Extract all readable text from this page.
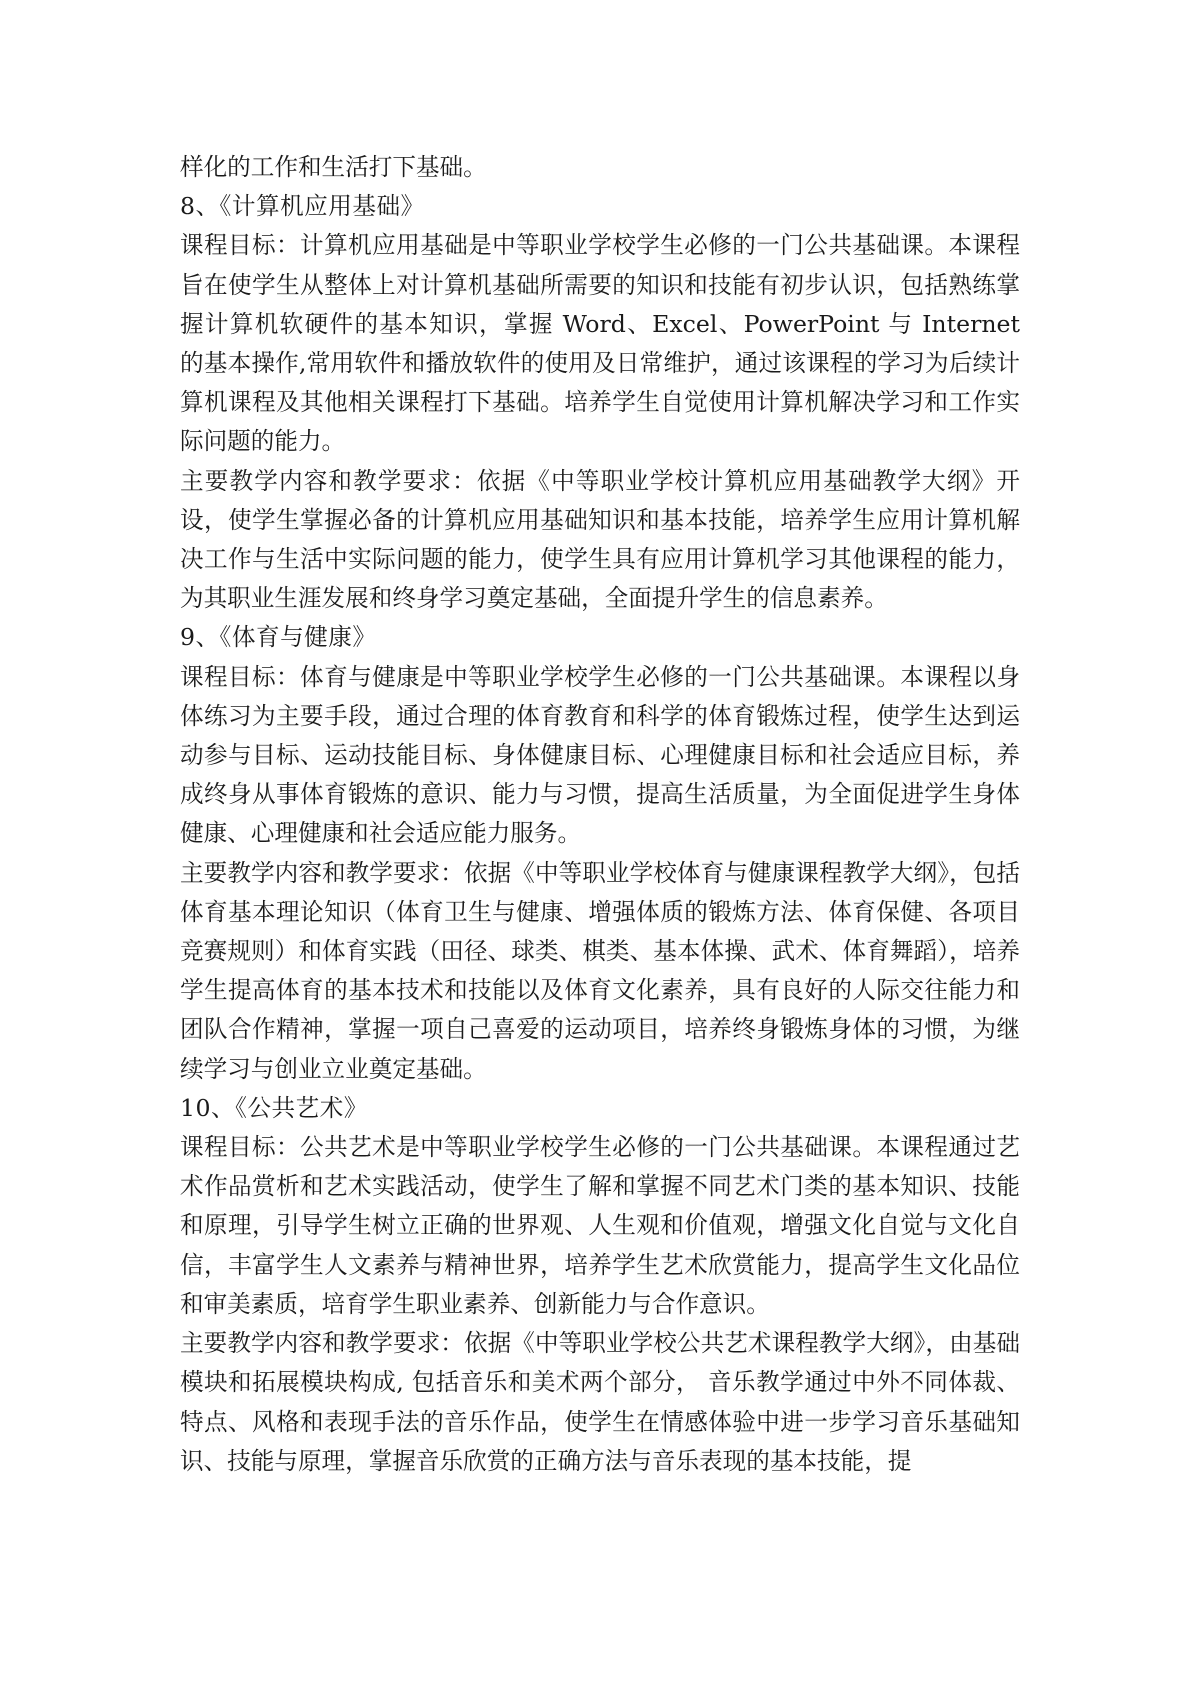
样化的工作和生活打下基础。

8、《计算机应用基础》

课程目标：计算机应用基础是中等职业学校学生必修的一门公共基础课。本课程旨在使学生从整体上对计算机基础所需要的知识和技能有初步认识，包括熟练掌握计算机软硬件的基本知识，掌握 Word、Excel、PowerPoint 与 Internet 的基本操作,常用软件和播放软件的使用及日常维护，通过该课程的学习为后续计算机课程及其他相关课程打下基础。培养学生自觉使用计算机解决学习和工作实际问题的能力。

主要教学内容和教学要求：依据《中等职业学校计算机应用基础教学大纲》开设，使学生掌握必备的计算机应用基础知识和基本技能，培养学生应用计算机解决工作与生活中实际问题的能力，使学生具有应用计算机学习其他课程的能力，为其职业生涯发展和终身学习奠定基础，全面提升学生的信息素养。

9、《体育与健康》

课程目标：体育与健康是中等职业学校学生必修的一门公共基础课。本课程以身体练习为主要手段，通过合理的体育教育和科学的体育锻炼过程，使学生达到运动参与目标、运动技能目标、身体健康目标、心理健康目标和社会适应目标，养成终身从事体育锻炼的意识、能力与习惯，提高生活质量，为全面促进学生身体健康、心理健康和社会适应能力服务。

主要教学内容和教学要求：依据《中等职业学校体育与健康课程教学大纲》，包括体育基本理论知识（体育卫生与健康、增强体质的锻炼方法、体育保健、各项目竞赛规则）和体育实践（田径、球类、棋类、基本体操、武术、体育舞蹈），培养学生提高体育的基本技术和技能以及体育文化素养，具有良好的人际交往能力和团队合作精神，掌握一项自己喜爱的运动项目，培养终身锻炼身体的习惯，为继续学习与创业立业奠定基础。

10、《公共艺术》

课程目标：公共艺术是中等职业学校学生必修的一门公共基础课。本课程通过艺术作品赏析和艺术实践活动，使学生了解和掌握不同艺术门类的基本知识、技能和原理，引导学生树立正确的世界观、人生观和价值观，增强文化自觉与文化自信，丰富学生人文素养与精神世界，培养学生艺术欣赏能力，提高学生文化品位和审美素质，培育学生职业素养、创新能力与合作意识。

主要教学内容和教学要求：依据《中等职业学校公共艺术课程教学大纲》，由基础模块和拓展模块构成, 包括音乐和美术两个部分， 音乐教学通过中外不同体裁、特点、风格和表现手法的音乐作品，使学生在情感体验中进一步学习音乐基础知识、技能与原理，掌握音乐欣赏的正确方法与音乐表现的基本技能，提
